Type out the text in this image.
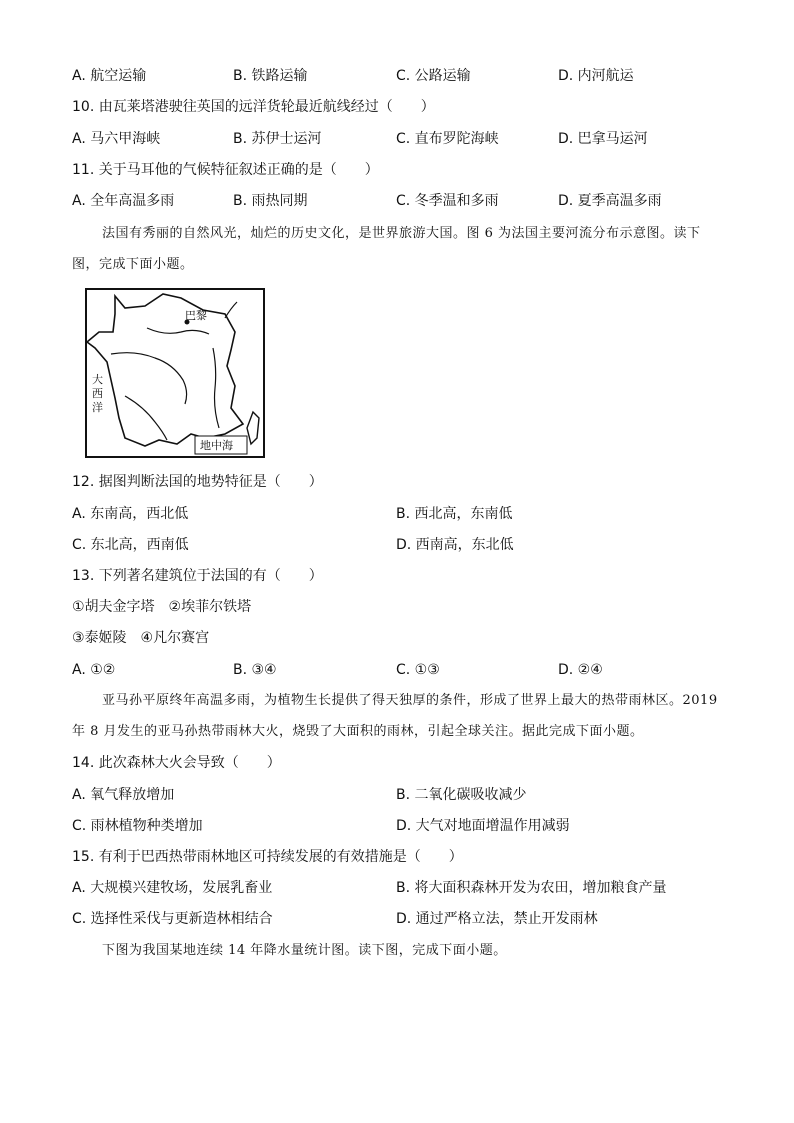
A. 航空运输	B. 铁路运输	C. 公路运输	D. 内河航运
10. 由瓦莱塔港驶往英国的远洋货轮最近航线经过（　　）
A. 马六甲海峡	B. 苏伊士运河	C. 直布罗陀海峡	D. 巴拿马运河
11. 关于马耳他的气候特征叙述正确的是（　　）
A. 全年高温多雨	B. 雨热同期	C. 冬季温和多雨	D. 夏季高温多雨
法国有秀丽的自然风光，灿烂的历史文化，是世界旅游大国。图 6 为法国主要河流分布示意图。读下
图，完成下面小题。
巴黎
大
西
洋
地中海
12. 据图判断法国的地势特征是（　　）
A. 东南高，西北低	B. 西北高，东南低
C. 东北高，西南低	D. 西南高，东北低
13. 下列著名建筑位于法国的有（　　）
①胡夫金字塔　②埃菲尔铁塔
③泰姬陵　④凡尔赛宫
A. ①②	B. ③④	C. ①③	D. ②④
亚马孙平原终年高温多雨，为植物生长提供了得天独厚的条件，形成了世界上最大的热带雨林区。2019
年 8 月发生的亚马孙热带雨林大火，烧毁了大面积的雨林，引起全球关注。据此完成下面小题。
14. 此次森林大火会导致（　　）
A. 氧气释放增加	B. 二氧化碳吸收减少
C. 雨林植物种类增加	D. 大气对地面增温作用减弱
15. 有利于巴西热带雨林地区可持续发展的有效措施是（　　）
A. 大规模兴建牧场，发展乳畜业	B. 将大面积森林开发为农田，增加粮食产量
C. 选择性采伐与更新造林相结合	D. 通过严格立法，禁止开发雨林
下图为我国某地连续 14 年降水量统计图。读下图，完成下面小题。
